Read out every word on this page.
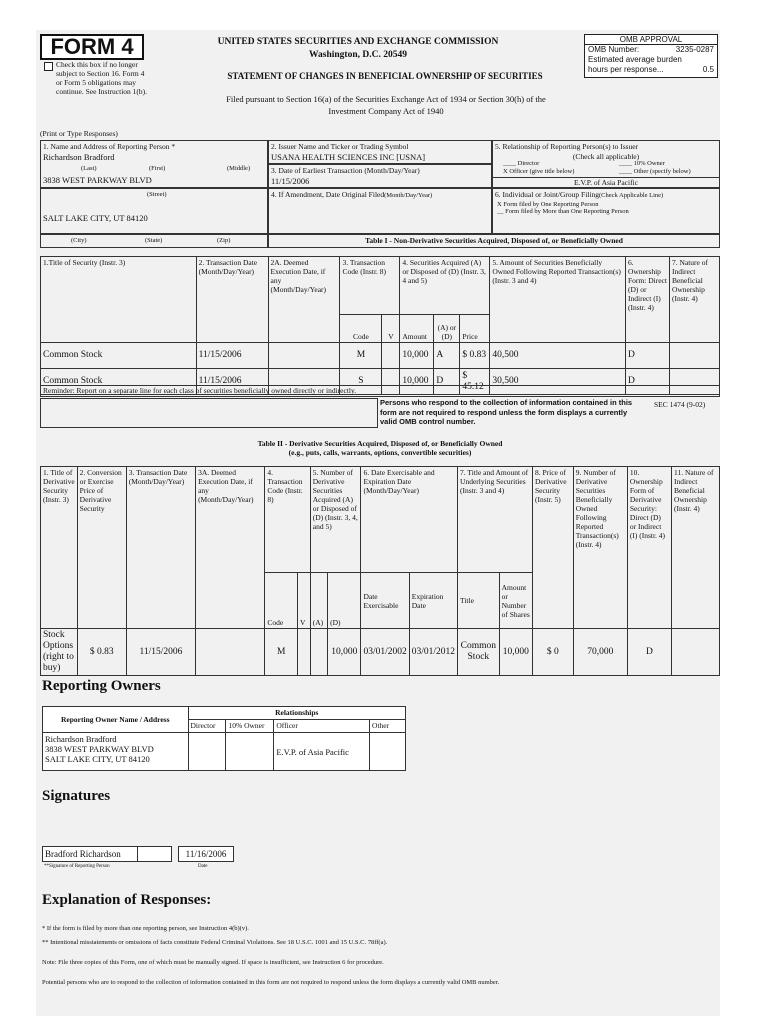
FORM 4
Check this box if no longer subject to Section 16. Form 4 or Form 5 obligations may continue. See Instruction 1(b).
UNITED STATES SECURITIES AND EXCHANGE COMMISSION
Washington, D.C. 20549
STATEMENT OF CHANGES IN BENEFICIAL OWNERSHIP OF SECURITIES
Filed pursuant to Section 16(a) of the Securities Exchange Act of 1934 or Section 30(h) of the
Investment Company Act of 1940
OMB APPROVAL
OMB Number:	3235-0287
Estimated average burden
hours per response...	0.5
(Print or Type Responses)
1. Name and Address of Reporting Person *
Richardson Bradford
(Last)	(First)	(Middle)
3838 WEST PARKWAY BLVD
(Street)
SALT LAKE CITY, UT 84120
(City)	(State)	(Zip)
2. Issuer Name and Ticker or Trading Symbol
USANA HEALTH SCIENCES INC [USNA]
3. Date of Earliest Transaction (Month/Day/Year)
11/15/2006
4. If Amendment, Date Original Filed(Month/Day/Year)
5. Relationship of Reporting Person(s) to Issuer
(Check all applicable)
____ Director	____ 10% Owner
X Officer (give title below)	____ Other (specify below)
E.V.P. of Asia Pacific
6. Individual or Joint/Group Filing(Check Applicable Line)
X Form filed by One Reporting Person
__ Form filed by More than One Reporting Person
Table I - Non-Derivative Securities Acquired, Disposed of, or Beneficially Owned
1.Title of Security (Instr. 3)	2. Transaction Date (Month/Day/Year)	2A. Deemed Execution Date, if any (Month/Day/Year)	3. Transaction Code (Instr. 8)		4. Securities Acquired (A) or Disposed of (D) (Instr. 3, 4 and 5)			5. Amount of Securities Beneficially Owned Following Reported Transaction(s) (Instr. 3 and 4)	6. Ownership Form: Direct (D) or Indirect (I) (Instr. 4)	7. Nature of Indirect Beneficial Ownership (Instr. 4)
			Code	V	Amount	(A) or (D)	Price			
Common Stock	11/15/2006		M		10,000	A	$ 0.83	40,500	D	
Common Stock	11/15/2006		S		10,000	D	$ 45.12	30,500	D	
Reminder: Report on a separate line for each class of securities beneficially owned directly or indirectly.
Persons who respond to the collection of information contained in this form are not required to respond unless the form displays a currently valid OMB control number.
SEC 1474 (9-02)
Table II - Derivative Securities Acquired, Disposed of, or Beneficially Owned
(e.g., puts, calls, warrants, options, convertible securities)
1. Title of Derivative Security (Instr. 3)	2. Conversion or Exercise Price of Derivative Security	3. Transaction Date (Month/Day/Year)	3A. Deemed Execution Date, if any (Month/Day/Year)	4. Transaction Code (Instr. 8)		5. Number of Derivative Securities Acquired (A) or Disposed of (D) (Instr. 3, 4, and 5)		6. Date Exercisable and Expiration Date (Month/Day/Year)		7. Title and Amount of Underlying Securities (Instr. 3 and 4)		8. Price of Derivative Security (Instr. 5)	9. Number of Derivative Securities Beneficially Owned Following Reported Transaction(s) (Instr. 4)	10. Ownership Form of Derivative Security: Direct (D) or Indirect (I) (Instr. 4)	11. Nature of Indirect Beneficial Ownership (Instr. 4)
				Code	V	(A)	(D)	Date Exercisable	Expiration Date	Title	Amount or Number of Shares				
Stock Options (right to buy)	$ 0.83	11/15/2006		M			10,000	03/01/2002	03/01/2012	Common Stock	10,000	$ 0	70,000	D	
Reporting Owners
Reporting Owner Name / Address	Relationships			
	Director	10% Owner	Officer	Other

Richardson Bradford
3838 WEST PARKWAY BLVD
SALT LAKE CITY, UT 84120			E.V.P. of Asia Pacific	
Signatures
Bradford Richardson	11/16/2006
**Signature of Reporting Person	Date
Explanation of Responses:
* If the form is filed by more than one reporting person, see Instruction 4(b)(v).
** Intentional misstatements or omissions of facts constitute Federal Criminal Violations. See 18 U.S.C. 1001 and 15 U.S.C. 78ff(a).
Note: File three copies of this Form, one of which must be manually signed. If space is insufficient, see Instruction 6 for procedure.
Potential persons who are to respond to the collection of information contained in this form are not required to respond unless the form displays a currently valid OMB number.
